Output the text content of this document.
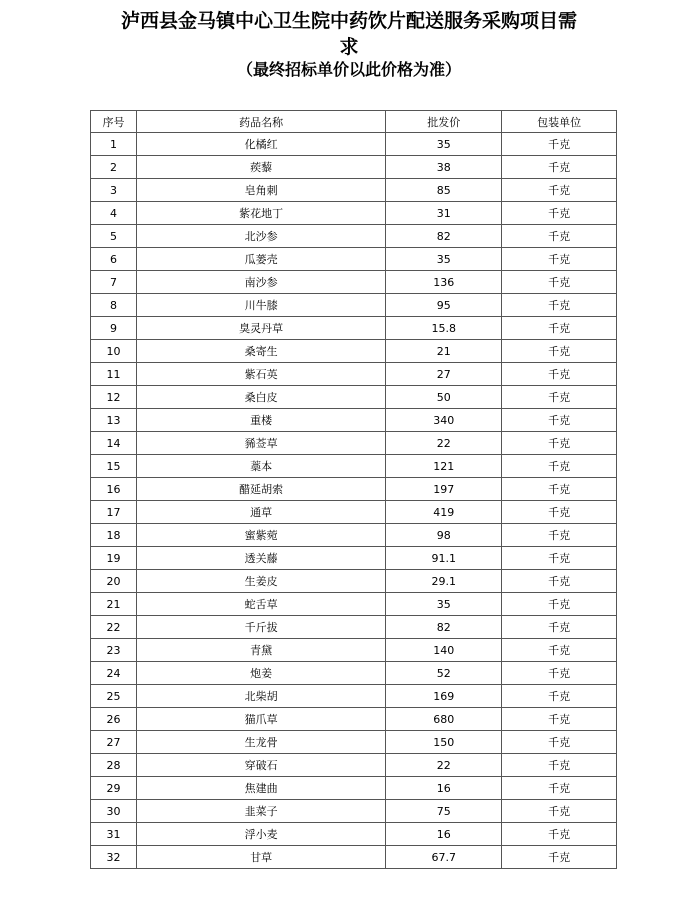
泸西县金马镇中心卫生院中药饮片配送服务采购项目需
求

（最终招标单价以此价格为准）

序号	药品名称	批发价	包装单位
1	化橘红	35	千克
2	蒺藜	38	千克
3	皂角刺	85	千克
4	紫花地丁	31	千克
5	北沙参	82	千克
6	瓜蒌壳	35	千克
7	南沙参	136	千克
8	川牛膝	95	千克
9	臭灵丹草	15.8	千克
10	桑寄生	21	千克
11	紫石英	27	千克
12	桑白皮	50	千克
13	重楼	340	千克
14	豨莶草	22	千克
15	藁本	121	千克
16	醋延胡索	197	千克
17	通草	419	千克
18	蜜紫菀	98	千克
19	透关藤	91.1	千克
20	生姜皮	29.1	千克
21	蛇舌草	35	千克
22	千斤拔	82	千克
23	青黛	140	千克
24	炮姜	52	千克
25	北柴胡	169	千克
26	猫爪草	680	千克
27	生龙骨	150	千克
28	穿破石	22	千克
29	焦建曲	16	千克
30	韭菜子	75	千克
31	浮小麦	16	千克
32	甘草	67.7	千克
